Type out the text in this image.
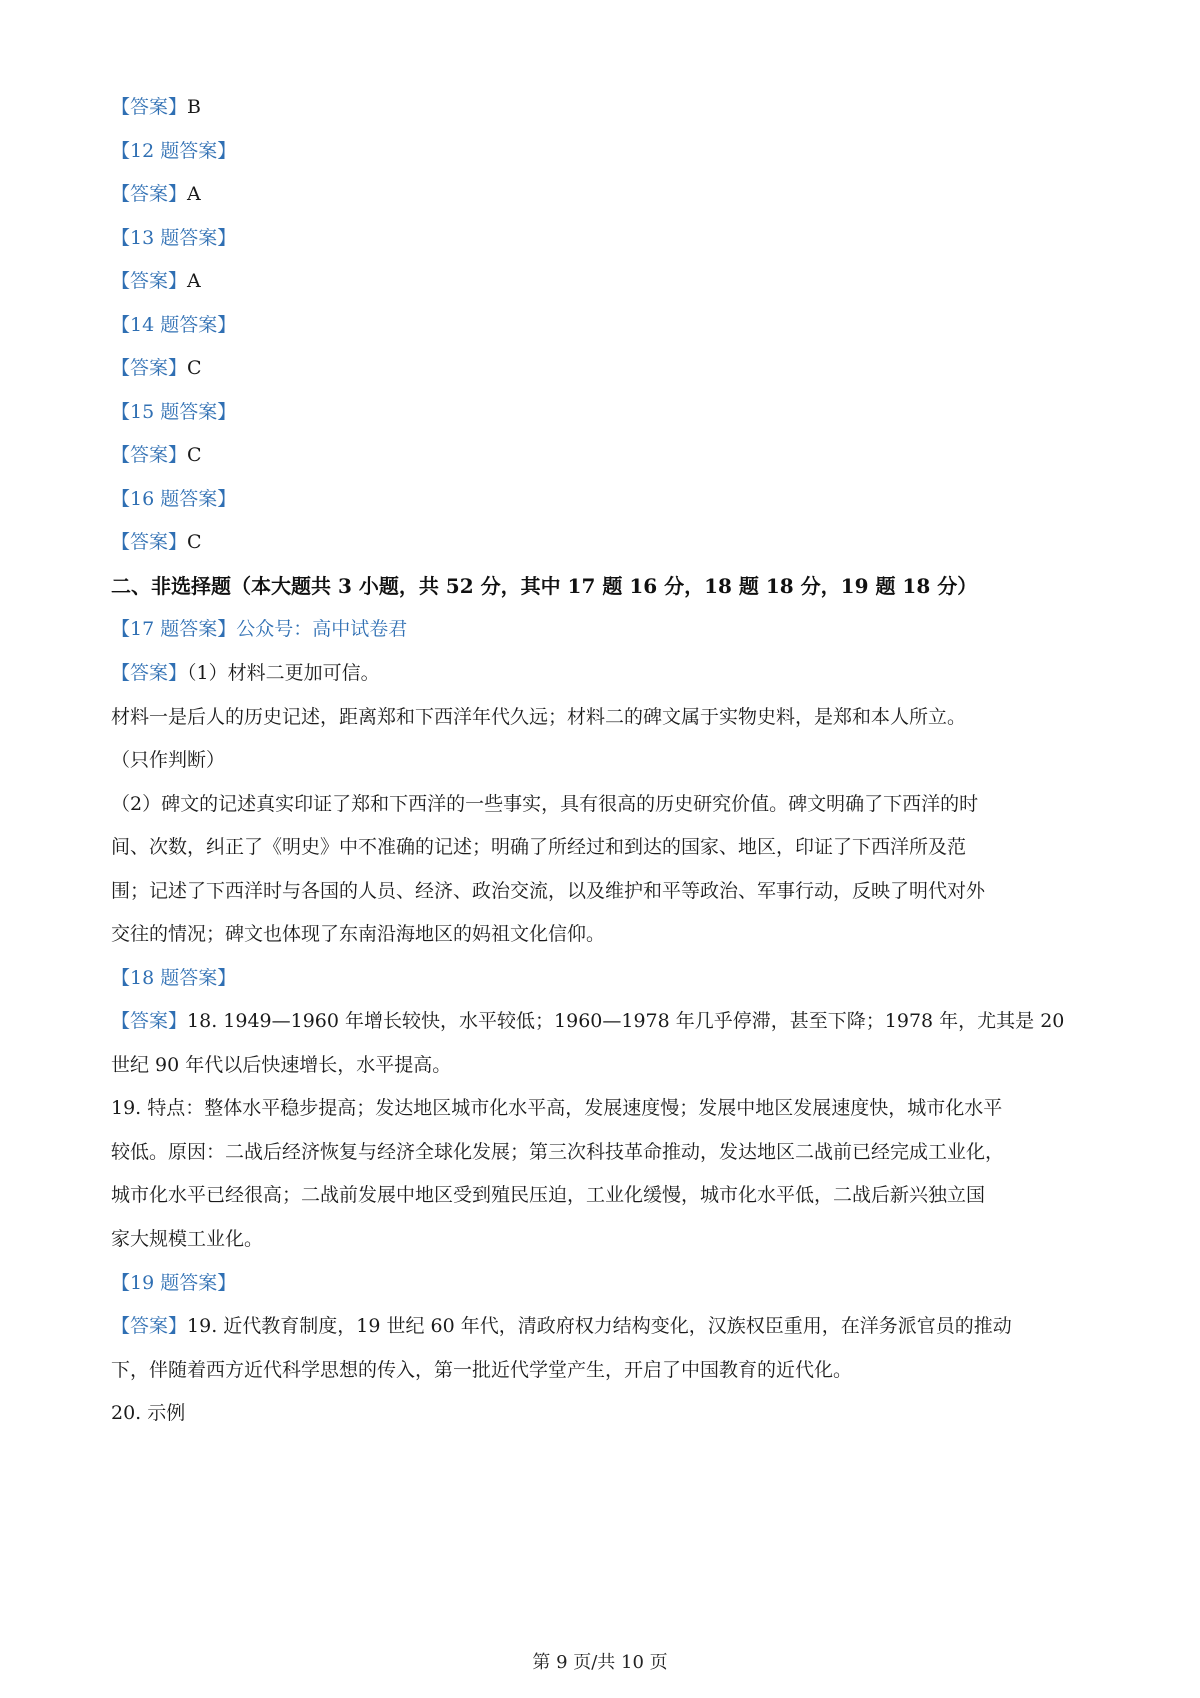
【答案】B
【12 题答案】
【答案】A
【13 题答案】
【答案】A
【14 题答案】
【答案】C
【15 题答案】
【答案】C
【16 题答案】
【答案】C
二、非选择题（本大题共 3 小题，共 52 分，其中 17 题 16 分，18 题 18 分，19 题 18 分）
【17 题答案】公众号：高中试卷君
【答案】（1）材料二更加可信。
材料一是后人的历史记述，距离郑和下西洋年代久远；材料二的碑文属于实物史料，是郑和本人所立。
（只作判断）
（2）碑文的记述真实印证了郑和下西洋的一些事实，具有很高的历史研究价值。碑文明确了下西洋的时
间、次数，纠正了《明史》中不准确的记述；明确了所经过和到达的国家、地区，印证了下西洋所及范
围；记述了下西洋时与各国的人员、经济、政治交流，以及维护和平等政治、军事行动，反映了明代对外
交往的情况；碑文也体现了东南沿海地区的妈祖文化信仰。
【18 题答案】
【答案】18. 1949—1960 年增长较快，水平较低；1960—1978 年几乎停滞，甚至下降；1978 年，尤其是 20
世纪 90 年代以后快速增长，水平提高。
19. 特点：整体水平稳步提高；发达地区城市化水平高，发展速度慢；发展中地区发展速度快，城市化水平
较低。原因：二战后经济恢复与经济全球化发展；第三次科技革命推动，发达地区二战前已经完成工业化，
城市化水平已经很高；二战前发展中地区受到殖民压迫，工业化缓慢，城市化水平低，二战后新兴独立国
家大规模工业化。
【19 题答案】
【答案】19. 近代教育制度，19 世纪 60 年代，清政府权力结构变化，汉族权臣重用，在洋务派官员的推动
下，伴随着西方近代科学思想的传入，第一批近代学堂产生，开启了中国教育的近代化。
20. 示例
第 9 页/共 10 页
